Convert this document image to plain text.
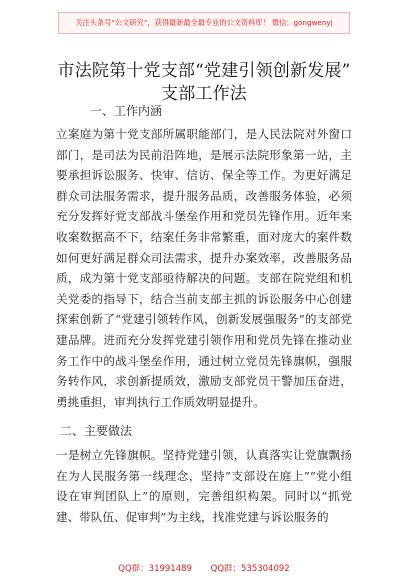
关注头条号“公文研究”，获得最新最全最专业的公文资料库！ 微信：gongwenyj
市法院第十党支部“党建引领创新发展”
支部工作法
一、工作内涵
立案庭为第十党支部所属职能部门，是人民法院对外窗口部门，是司法为民前沿阵地，是展示法院形象第一站，主要承担诉讼服务、快审、信访、保全等工作。为更好满足群众司法服务需求，提升服务品质，改善服务体验，必须充分发挥好党支部战斗堡垒作用和党员先锋作用。近年来收案数据高不下，结案任务非常繁重，面对庞大的案件数如何更好满足群众司法需求，提升办案效率，改善服务品质，成为第十党支部亟待解决的问题。支部在院党组和机关党委的指导下，结合当前支部主抓的诉讼服务中心创建探索创新了“党建引领转作风，创新发展强服务”的支部党建品牌。进而充分发挥党建引领作用和党员先锋在推动业务工作中的战斗堡垒作用，通过树立党员先锋旗帜，强服务转作风，求创新提质效，激励支部党员干警加压奋进，勇挑重担，审判执行工作质效明显提升。
二、主要做法
一是树立先锋旗帜。坚持党建引领，认真落实让党旗飘扬在为人民服务第一线理念，坚持“支部设在庭上”“党小组设在审判团队上”的原则，完善组织构架。同时以“抓党建、带队伍、促审判”为主线，找准党建与诉讼服务的
QQ群：31991489 QQ群：535304092
